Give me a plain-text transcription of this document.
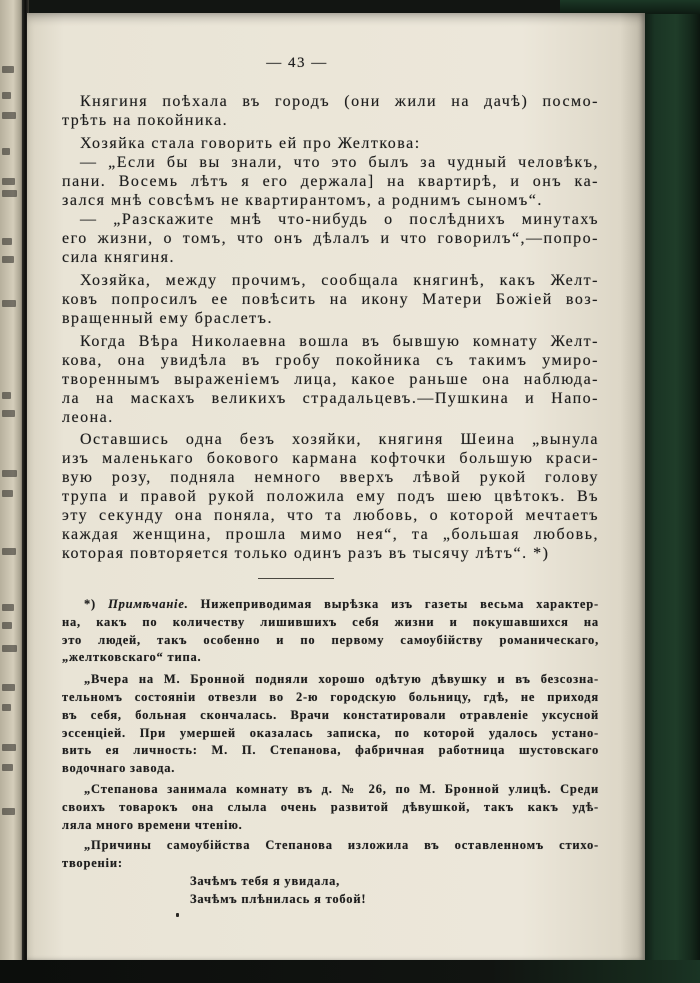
— 43 —
Княгиня поѣхала въ городъ (они жили на дачѣ) посмо-
трѣть на покойника.
Хозяйка стала говорить ей про Желткова:
— „Если бы вы знали, что это былъ за чудный человѣкъ,
пани. Восемь лѣтъ я его держала] на квартирѣ, и онъ ка-
зался мнѣ совсѣмъ не квартирантомъ, а роднимъ сыномъ“.
— „Разскажите мнѣ что-нибудь о послѣднихъ минутахъ
его жизни, о томъ, что онъ дѣлалъ и что говорилъ“,—попро-
сила княгиня.
Хозяйка, между прочимъ, сообщала княгинѣ, какъ Желт-
ковъ попросилъ ее повѣсить на икону Матери Божіей воз-
вращенный ему браслетъ.
Когда Вѣра Николаевна вошла въ бывшую комнату Желт-
кова, она увидѣла въ гробу покойника съ такимъ умиро-
твореннымъ выраженіемъ лица, какое раньше она наблюда-
ла на маскахъ великихъ страдальцевъ.—Пушкина и Напо-
леона.
Оставшись одна безъ хозяйки, княгиня Шеина „вынула
изъ маленькаго бокового кармана кофточки большую краси-
вую розу, подняла немного вверхъ лѣвой рукой голову
трупа и правой рукой положила ему подъ шею цвѣтокъ. Въ
эту секунду она поняла, что та любовь, о которой мечтаетъ
каждая женщина, прошла мимо нея“, та „большая любовь,
которая повторяется только одинъ разъ въ тысячу лѣтъ“. *)
*) Примѣчаніе. Нижеприводимая вырѣзка изъ газеты весьма характер-
на, какъ по количеству лишившихъ себя жизни и покушавшихся на
это людей, такъ особенно и по первому самоубійству романическаго,
„желтковскаго“ типа.
„Вчера на М. Бронной подняли хорошо одѣтую дѣвушку и въ безсозна-
тельномъ состояніи отвезли во 2-ю городскую больницу, гдѣ, не приходя
въ себя, больная скончалась. Врачи констатировали отравленіе уксусной
эссенціей. При умершей оказалась записка, по которой удалось устано-
вить ея личность: М. П. Степанова, фабричная работница шустовскаго
водочнаго завода.
„Степанова занимала комнату въ д. № 26, по М. Бронной улицѣ. Среди
своихъ товарокъ она слыла очень развитой дѣвушкой, такъ какъ удѣ-
ляла много времени чтенію.
„Причины самоубійства Степанова изложила въ оставленномъ стихо-
твореніи:
Зачѣмъ тебя я увидала,
Зачѣмъ плѣнилась я тобой!
